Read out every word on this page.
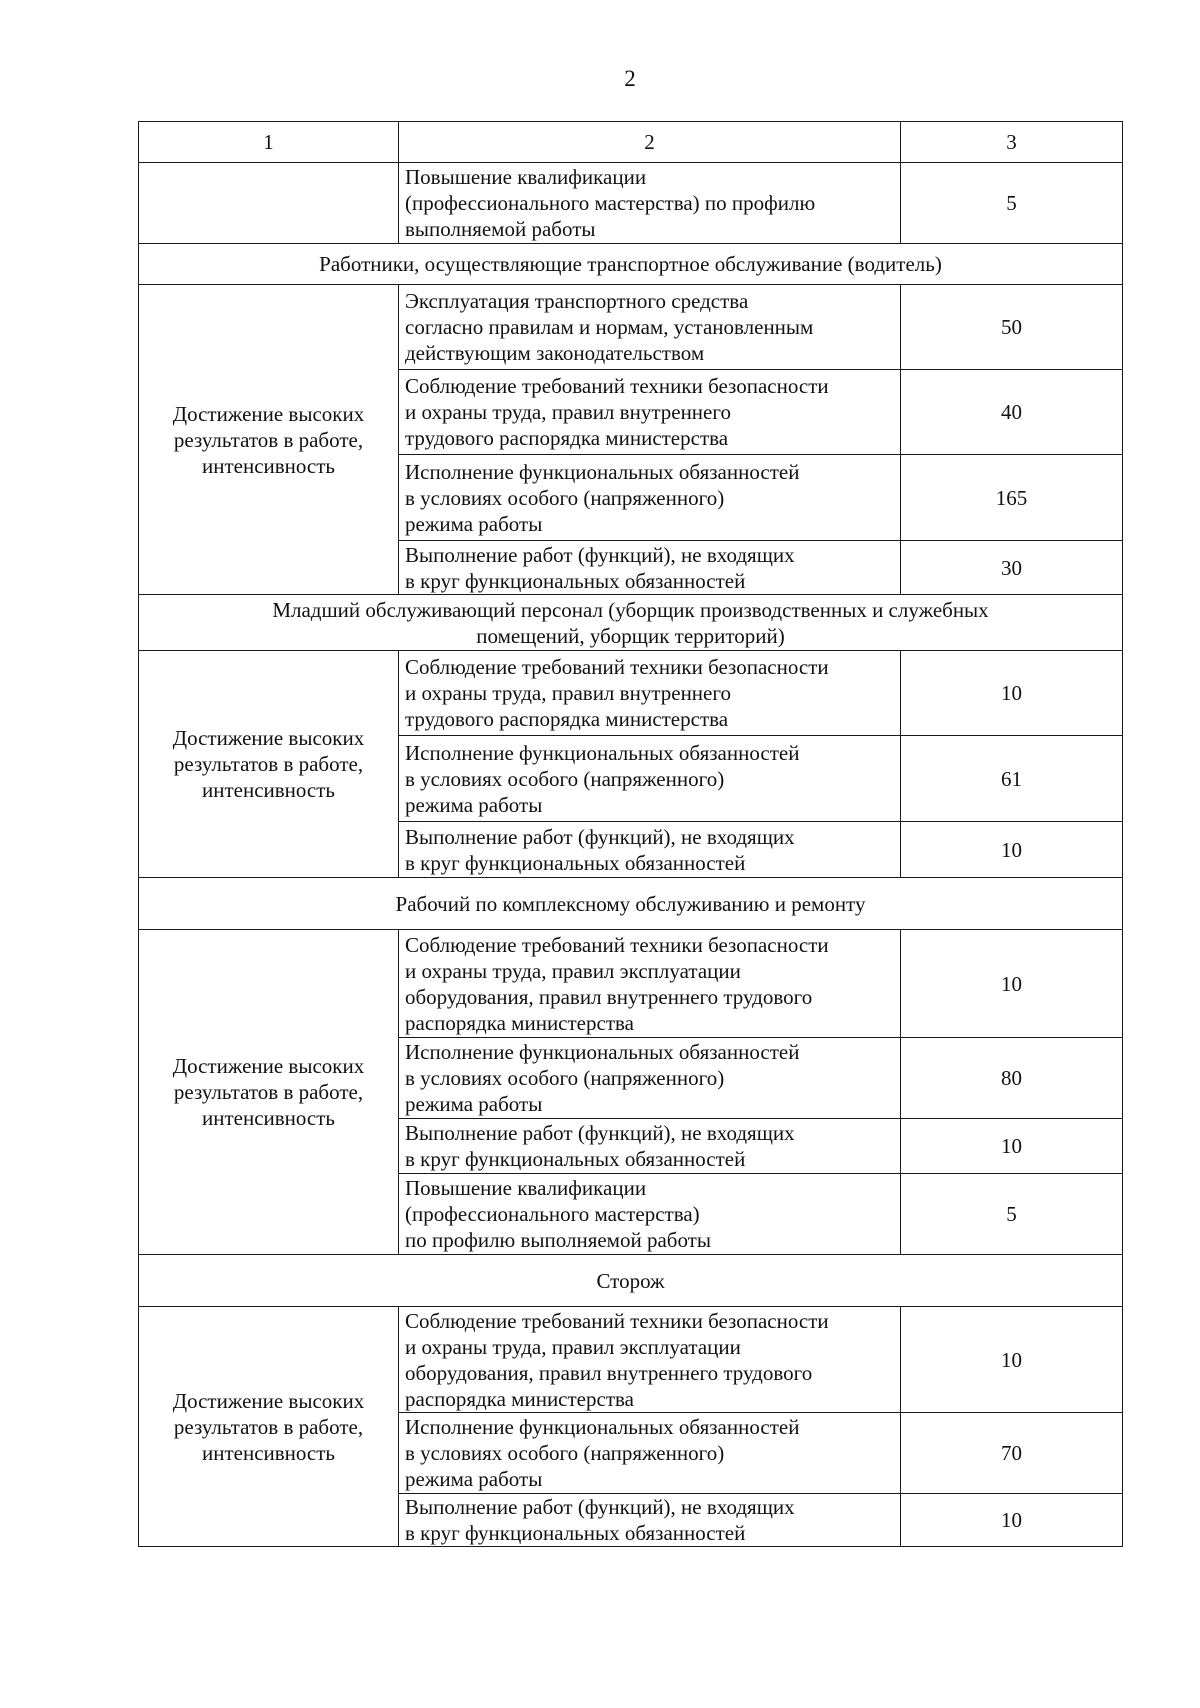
2
1	2	3

	Повышение квалификации
(профессионального мастерства) по профилю
выполняемой работы	5

Работники, осуществляющие транспортное обслуживание (водитель)		

Достижение высоких
результатов в работе,
интенсивность	Эксплуатация транспортного средства
согласно правилам и нормам, установленным
действующим законодательством	50

	Соблюдение требований техники безопасности
и охраны труда, правил внутреннего
трудового распорядка министерства	40

	Исполнение функциональных обязанностей
в условиях особого (напряженного)
режима работы	165

	Выполнение работ (функций), не входящих
в круг функциональных обязанностей	30

Младший обслуживающий персонал (уборщик производственных и служебных
помещений, уборщик территорий)		

Достижение высоких
результатов в работе,
интенсивность	Соблюдение требований техники безопасности
и охраны труда, правил внутреннего
трудового распорядка министерства	10

	Исполнение функциональных обязанностей
в условиях особого (напряженного)
режима работы	61

	Выполнение работ (функций), не входящих
в круг функциональных обязанностей	10

Рабочий по комплексному обслуживанию и ремонту		

Достижение высоких
результатов в работе,
интенсивность	Соблюдение требований техники безопасности
и охраны труда, правил эксплуатации
оборудования, правил внутреннего трудового
распорядка министерства	10

	Исполнение функциональных обязанностей
в условиях особого (напряженного)
режима работы	80

	Выполнение работ (функций), не входящих
в круг функциональных обязанностей	10

	Повышение квалификации
(профессионального мастерства)
по профилю выполняемой работы	5

Сторож		

Достижение высоких
результатов в работе,
интенсивность	Соблюдение требований техники безопасности
и охраны труда, правил эксплуатации
оборудования, правил внутреннего трудового
распорядка министерства	10

	Исполнение функциональных обязанностей
в условиях особого (напряженного)
режима работы	70

	Выполнение работ (функций), не входящих
в круг функциональных обязанностей	10
